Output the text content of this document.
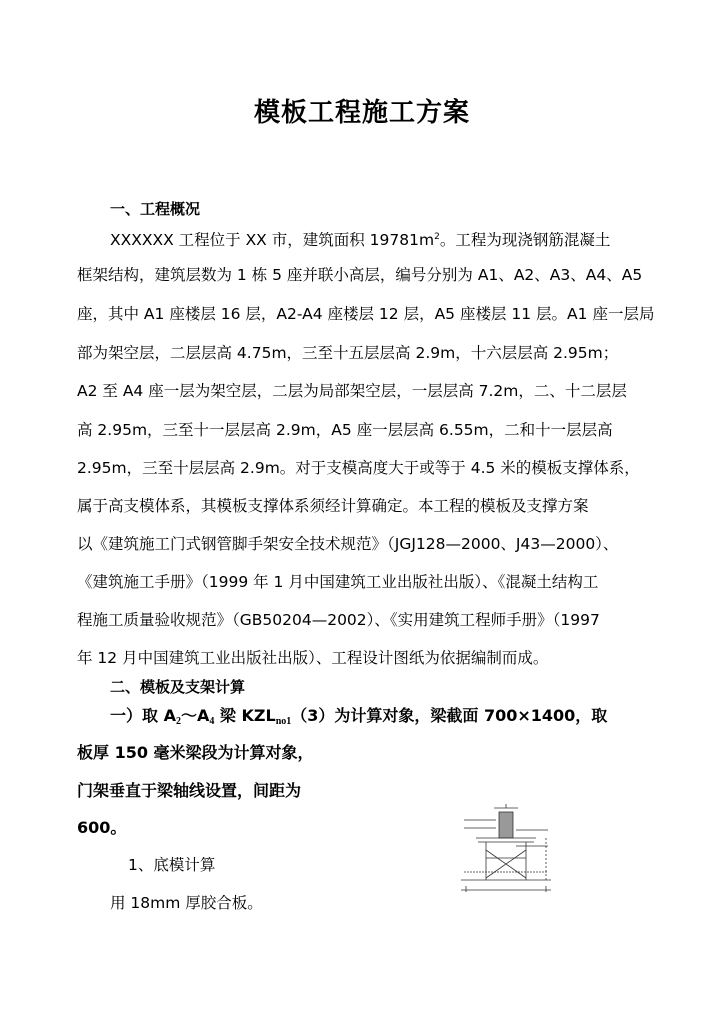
模板工程施工方案
一、工程概况
XXXXXX 工程位于 XX 市，建筑面积 $19781m^2$。工程为现浇钢筋混凝土
框架结构，建筑层数为 1 栋 5 座并联小高层，编号分别为 A1、A2、A3、A4、A5
座，其中 A1 座楼层 16 层，A2-A4 座楼层 12 层，A5 座楼层 11 层。A1 座一层局
部为架空层，二层层高 4.75m，三至十五层层高 2.9m，十六层层高 2.95m；
A2 至 A4 座一层为架空层，二层为局部架空层，一层层高 7.2m，二、十二层层
高 2.95m，三至十一层层高 2.9m，A5 座一层层高 6.55m，二和十一层层高
2.95m，三至十层层高 2.9m。对于支模高度大于或等于 4.5 米的模板支撑体系，
属于高支模体系，其模板支撑体系须经计算确定。本工程的模板及支撑方案
以《建筑施工门式钢管脚手架安全技术规范》（JGJ128—2000、J43—2000）、
《建筑施工手册》（1999 年 1 月中国建筑工业出版社出版）、《混凝土结构工
程施工质量验收规范》（GB50204—2002）、《实用建筑工程师手册》（1997
年 12 月中国建筑工业出版社出版）、工程设计图纸为依据编制而成。
二、模板及支架计算
一）取 A2～A4 梁 KZLno1（3）为计算对象，梁截面 700×1400，取
板厚 150 毫米梁段为计算对象，
门架垂直于梁轴线设置，间距为
600。
1、底模计算
用 18mm 厚胶合板。
